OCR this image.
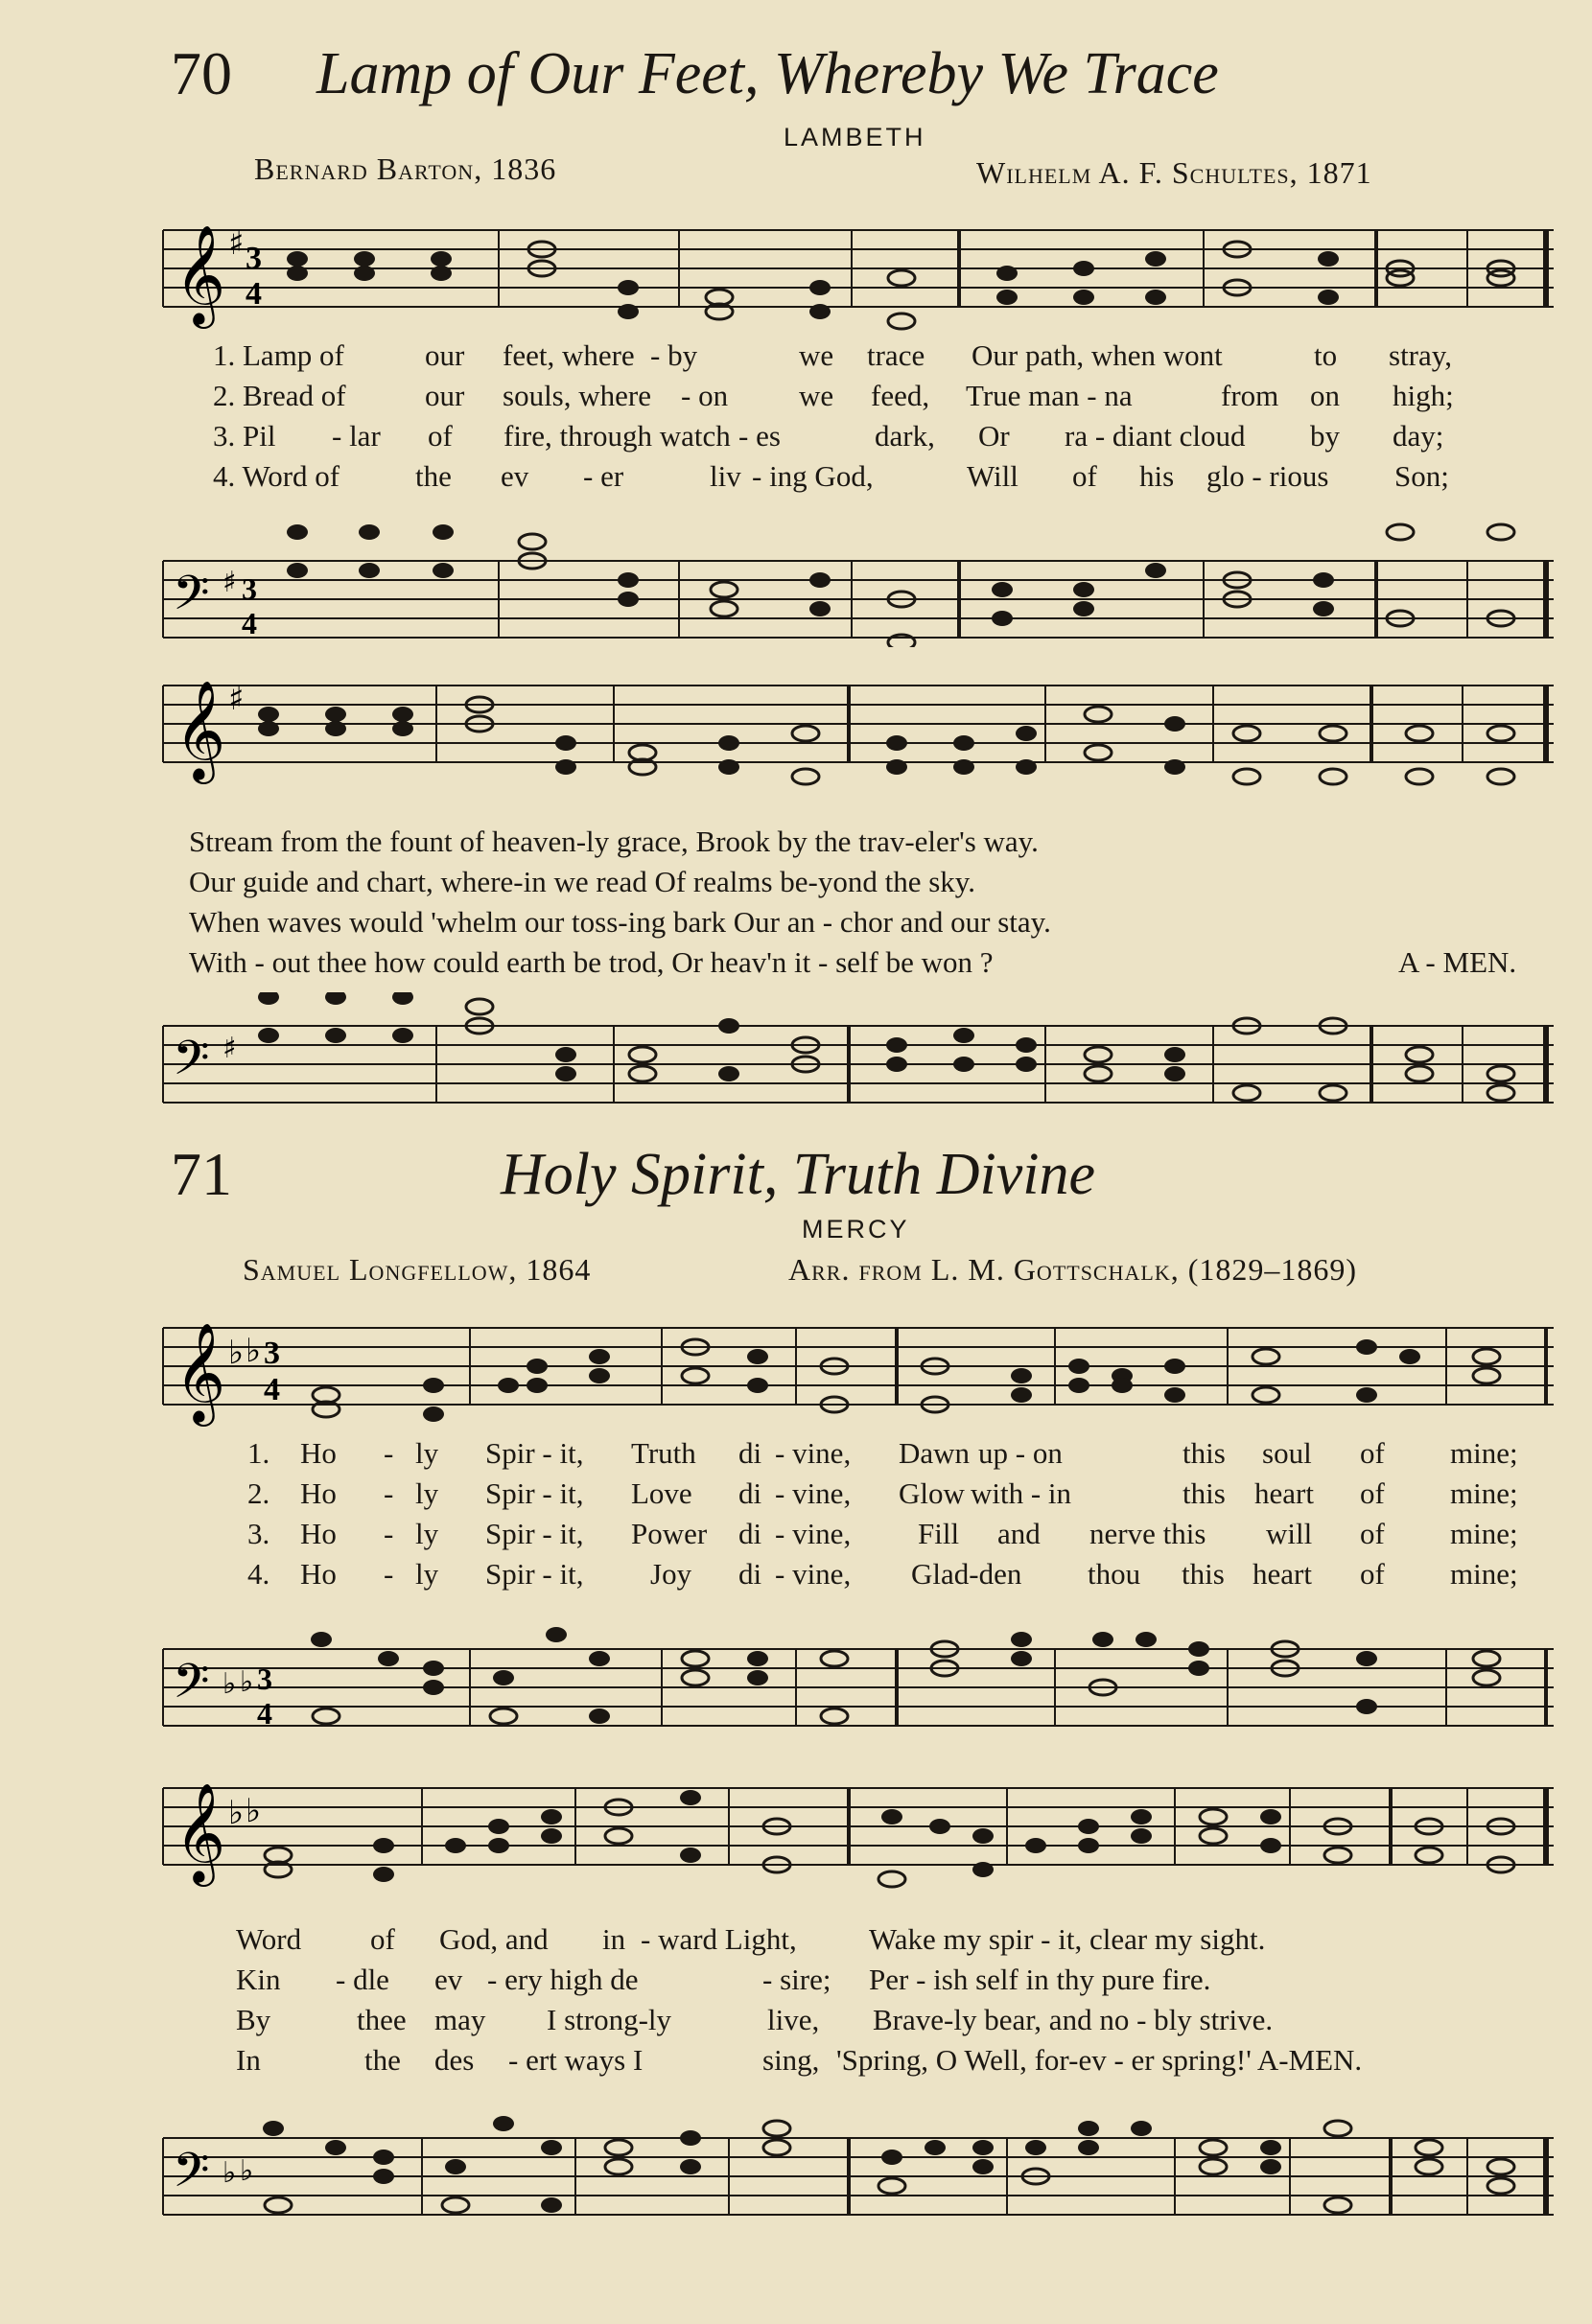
70 Lamp of Our Feet, Whereby We Trace
LAMBETH
Bernard Barton, 1836	Wilhelm A. F. Schultes, 1871
𝄞 ♯ 3
4
1. Lamp of	our feet, where - by	we trace Our path, when wont	to stray,
2. Bread of	our souls, where - on we feed, True man - na	from on high;
3. Pil - lar of fire, through watch - es	dark, Or ra - diant cloud by day;
4. Word of	the ev - er	liv - ing God,	Will of his glo - rious Son;
𝄢 ♯ 3
4
𝄞 ♯
Stream from the fount of heaven-ly grace, Brook by the trav-eler's way.
Our guide and chart, where-in we read Of realms be-yond the sky.
When waves would 'whelm our toss-ing bark Our an - chor and our stay.
With - out thee how could earth be trod, Or heav'n it - self be won ?	A - MEN.
𝄢 ♯
71	Holy Spirit, Truth Divine
MERCY
Samuel Longfellow, 1864	Arr. from L. M. Gottschalk, (1829–1869)
𝄞 ♭ ♭ 3
4
1. Ho - ly Spir - it, Truth di - vine, Dawn up - on	this soul of mine;
2. Ho - ly Spir - it, Love di - vine, Glow with - in	this heart of mine;
3. Ho - ly Spir - it, Power di - vine, Fill and nerve this will of mine;
4. Ho - ly Spir - it, Joy di - vine, Glad-den thou this heart of mine;
𝄢 ♭ ♭ 3
4
𝄞 ♭ ♭
Word of God, and in - ward Light, Wake my spir - it, clear my sight.
Kin - dle ev - ery high de	- sire; Per - ish self in thy pure fire.
By	thee may I strong-ly	live, Brave-ly bear, and no - bly strive.
In	the des - ert ways I	sing, 'Spring, O Well, for-ev - er spring!' A-MEN.
𝄢 ♭ ♭
